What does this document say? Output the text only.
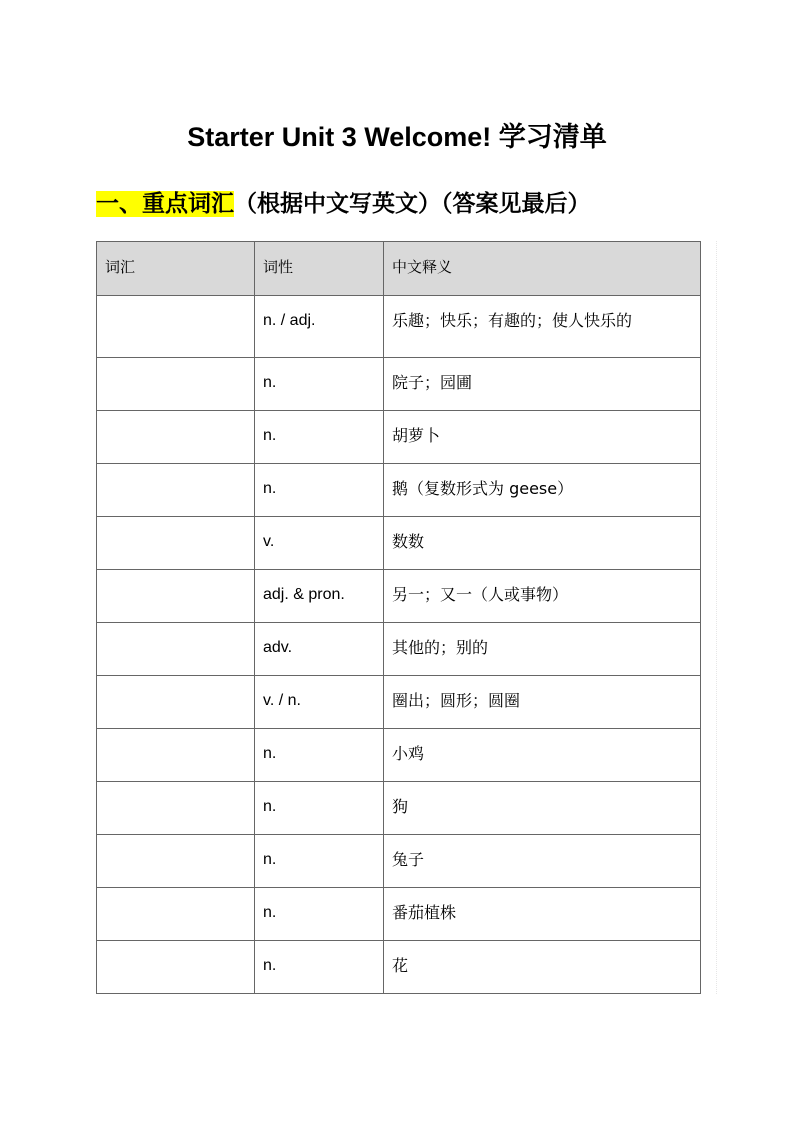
Starter Unit 3 Welcome! 学习清单
一、重点词汇（根据中文写英文）（答案见最后）
词汇	词性	中文释义
	n. / adj.	乐趣；快乐；有趣的；使人快乐的
	n.	院子；园圃
	n.	胡萝卜
	n.	鹅（复数形式为 geese）
	v.	数数
	adj. & pron.	另一；又一（人或事物）
	adv.	其他的；别的
	v. / n.	圈出；圆形；圆圈
	n.	小鸡
	n.	狗
	n.	兔子
	n.	番茄植株
	n.	花
